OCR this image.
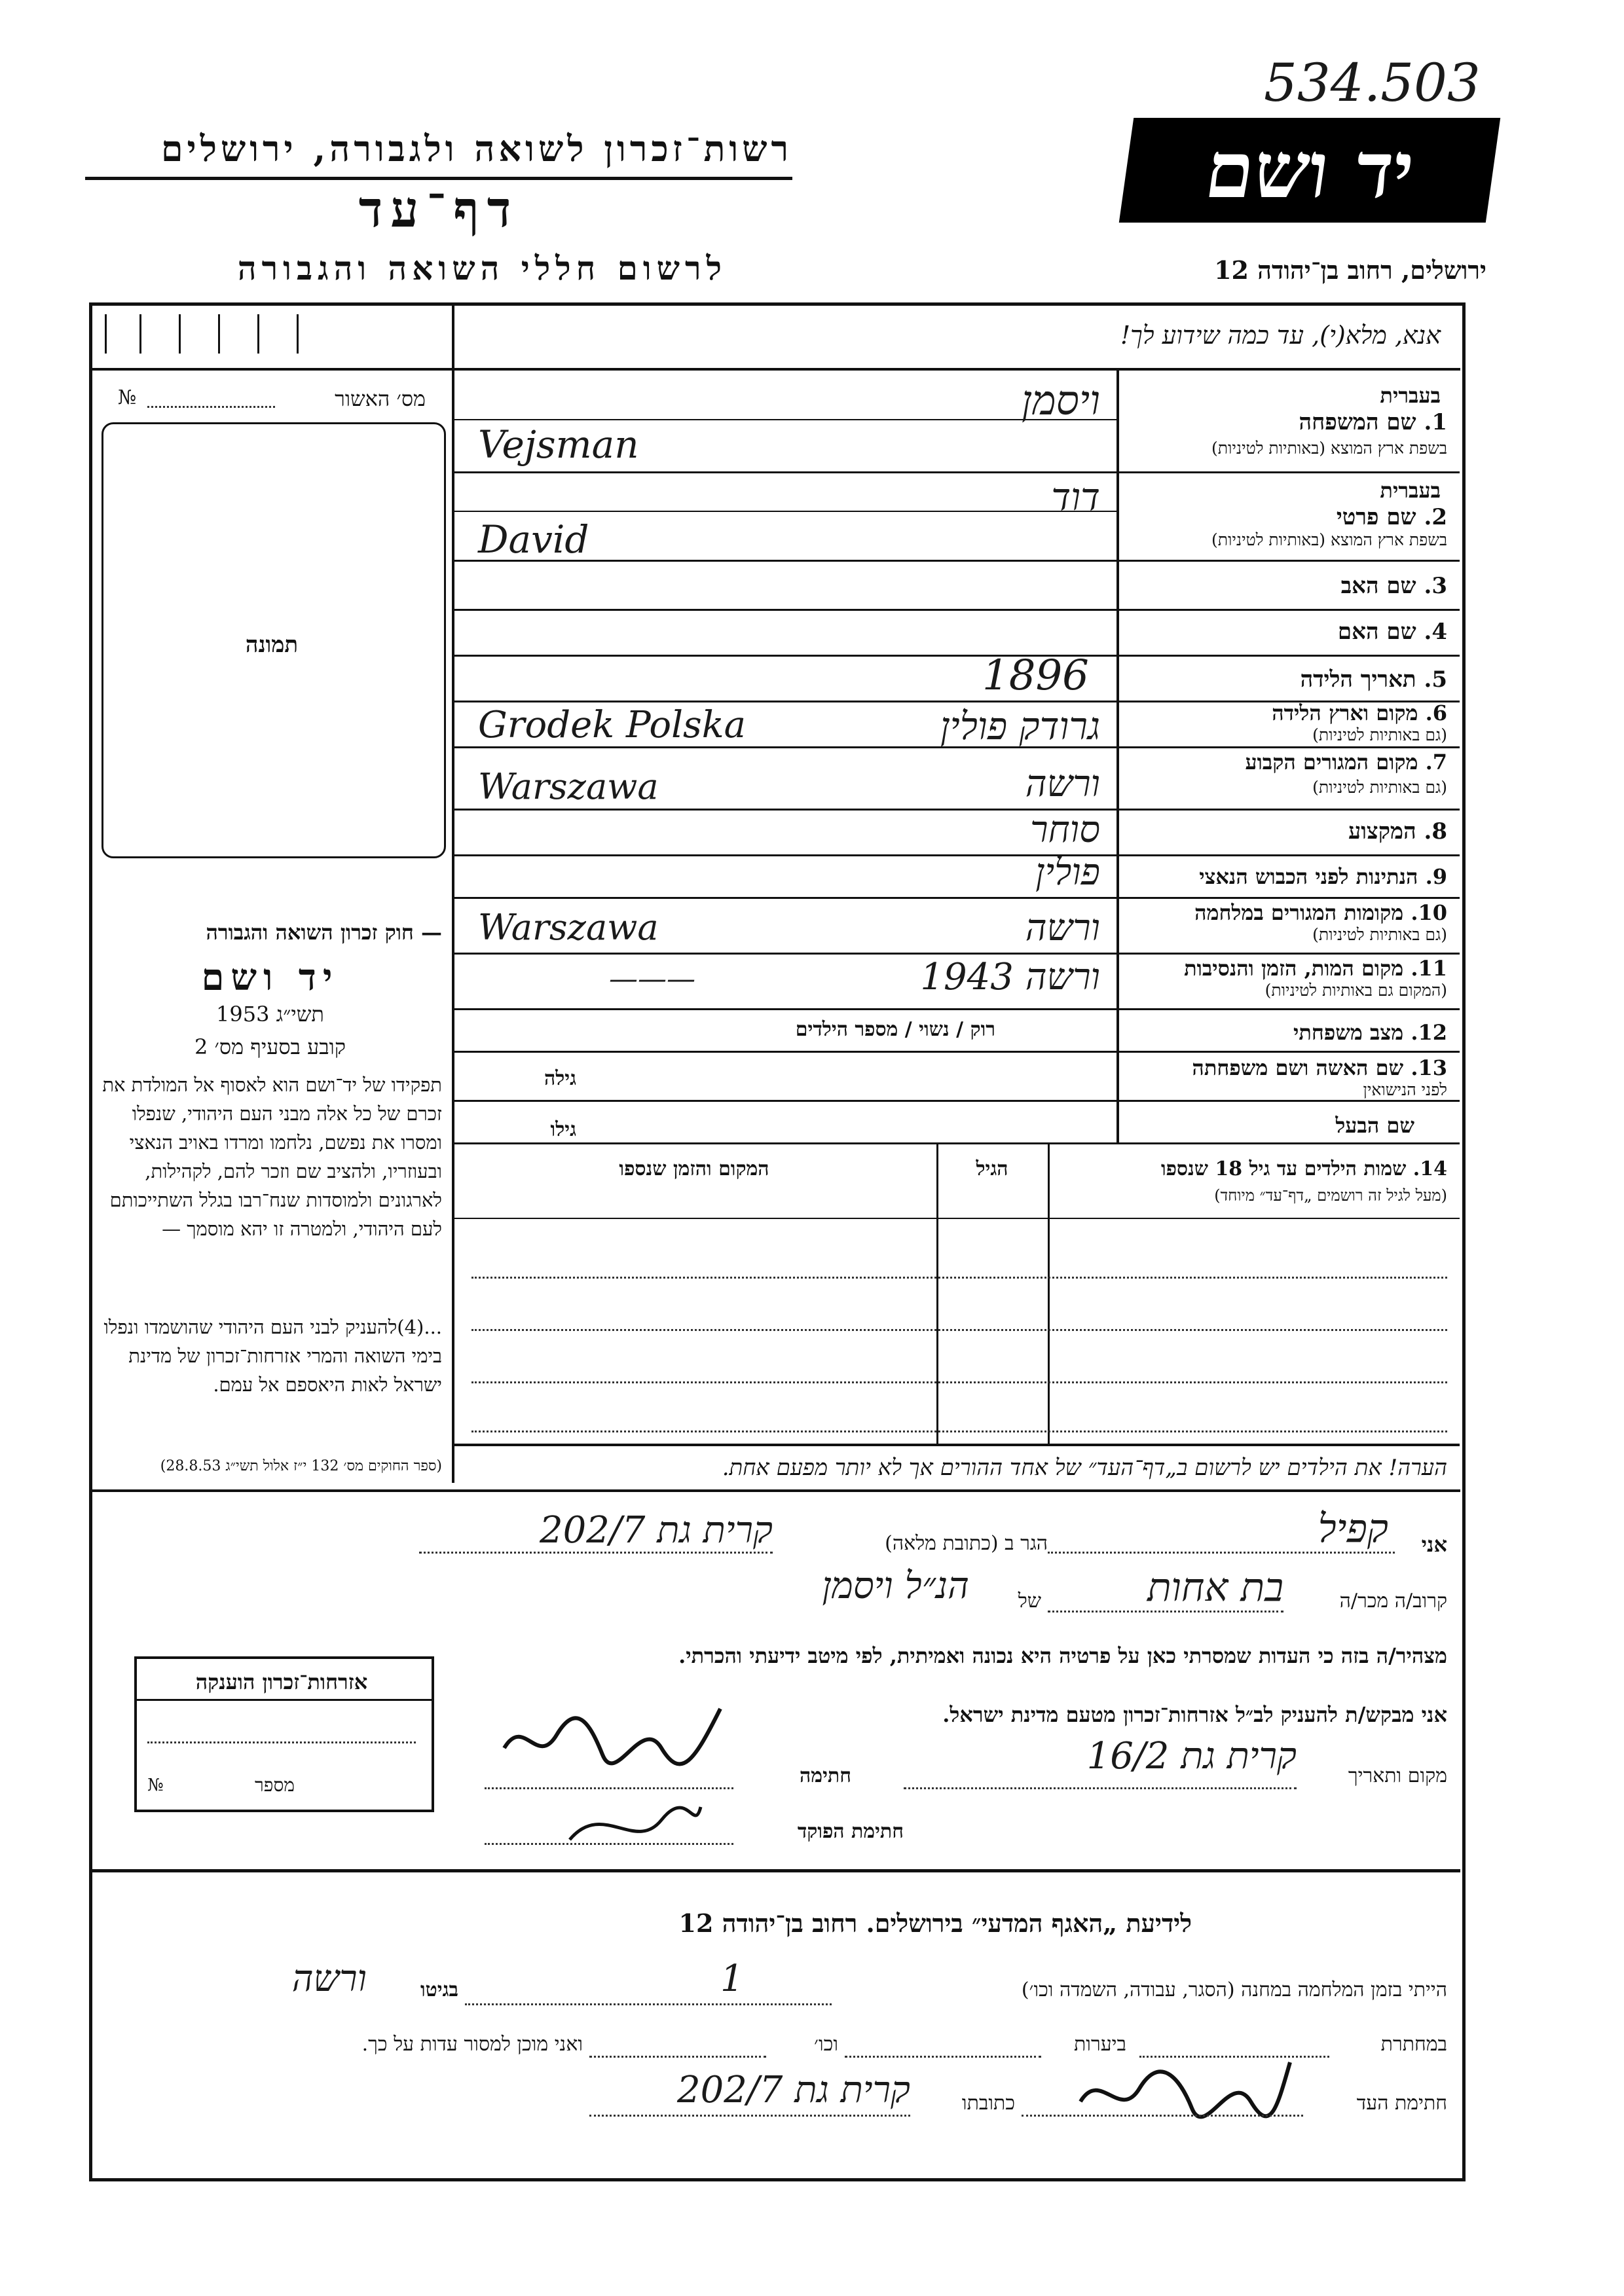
534.503
רשות־זכרון לשואה ולגבורה, ירושלים
דף־עד
לרשום חללי השואה והגבורה
יד ושם
ירושלים, רחוב בן־יהודה 12
אנא, מלא(י), עד כמה שידוע לך!
מס׳ האשור
№
תמונה
— חוק זכרון השואה והגבורה
יד ושם
תשי״ג 1953
קובע בסעיף מס׳ 2
תפקידו של יד־ושם הוא לאסוף אל המולדת את זכרם של כל אלה מבני העם היהודי, שנפלו ומסרו את נפשם, נלחמו ומרדו באויב הנאצי ובעוזריו, ולהציב שם וזכר להם, לקהילות, לארגונים ולמוסדות שנח־רבו בגלל השתייכותם לעם היהודי, ולמטרה זו יהא מוסמך —
...(4)להעניק לבני העם היהודי שהושמדו ונפלו בימי השואה והמרי אזרחות־זכרון של מדינת ישראל לאות היאספם אל עמם.
(ספר החוקים מס׳ 132 י״ז אלול תשי״ג 28.8.53)
בעברית
1. שם המשפחה
בשפת ארץ המוצא (באותיות לטיניות)
ויסמן
Vejsman
בעברית
2. שם פרטי
בשפת ארץ המוצא (באותיות לטיניות)
דוד
David
3. שם האב
4. שם האם
5. תאריך הלידה
1896
6. מקום וארץ הלידה
(גם באותיות לטיניות)
גרודק פולין
Grodek Polska
7. מקום המגורים הקבוע
(גם באותיות לטיניות)
ורשה
Warszawa
8. המקצוע
סוחר
9. הנתינות לפני הכבוש הנאצי
פולין
10. מקומות המגורים במלחמה
(גם באותיות לטיניות)
ורשה
Warszawa
11. מקום המות, הזמן והנסיבות
(המקום גם באותיות לטיניות)
ורשה 1943
———
12. מצב משפחתי
רוק / נשוי / מספר הילדים
13. שם האשה ושם משפחתה
לפני הנישואין
גילה
שם הבעל
גילו
14. שמות הילדים עד גיל 18 שנספו
(מעל לגיל זה רושמים „דף־עד״ מיוחד)
הגיל
המקום והזמן שנספו
הערה! את הילדים יש לרשום ב„דף־העד״ של אחד ההורים אך לא יותר מפעם אחת.
אני
קפיל
הגר ב (כתובת מלאה)
קרית גת 202/7
קרוב/ה מכר/ה
בת אחות
של
הנ״ל ויסמן
מצהיר/ה בזה כי העדות שמסרתי כאן על פרטיה היא נכונה ואמיתית, לפי מיטב ידיעתי והכרתי.
אני מבקש/ת להעניק לב״ל אזרחות־זכרון מטעם מדינת ישראל.
מקום ותאריך
קרית גת 16/2
חתימה
חתימת הפוקד
אזרחות־זכרון הוענקה
מספר
№
לידיעת „האגף המדעי״ בירושלים. רחוב בן־יהודה 12
הייתי בזמן המלחמה במחנה (הסגר, עבודה, השמדה וכו׳)
1
בגיטו
ורשה
במחתרת
ביערות
וכו׳
ואני מוכן למסור עדות על כך.
חתימת העד
כתובתו
קרית גת 202/7
